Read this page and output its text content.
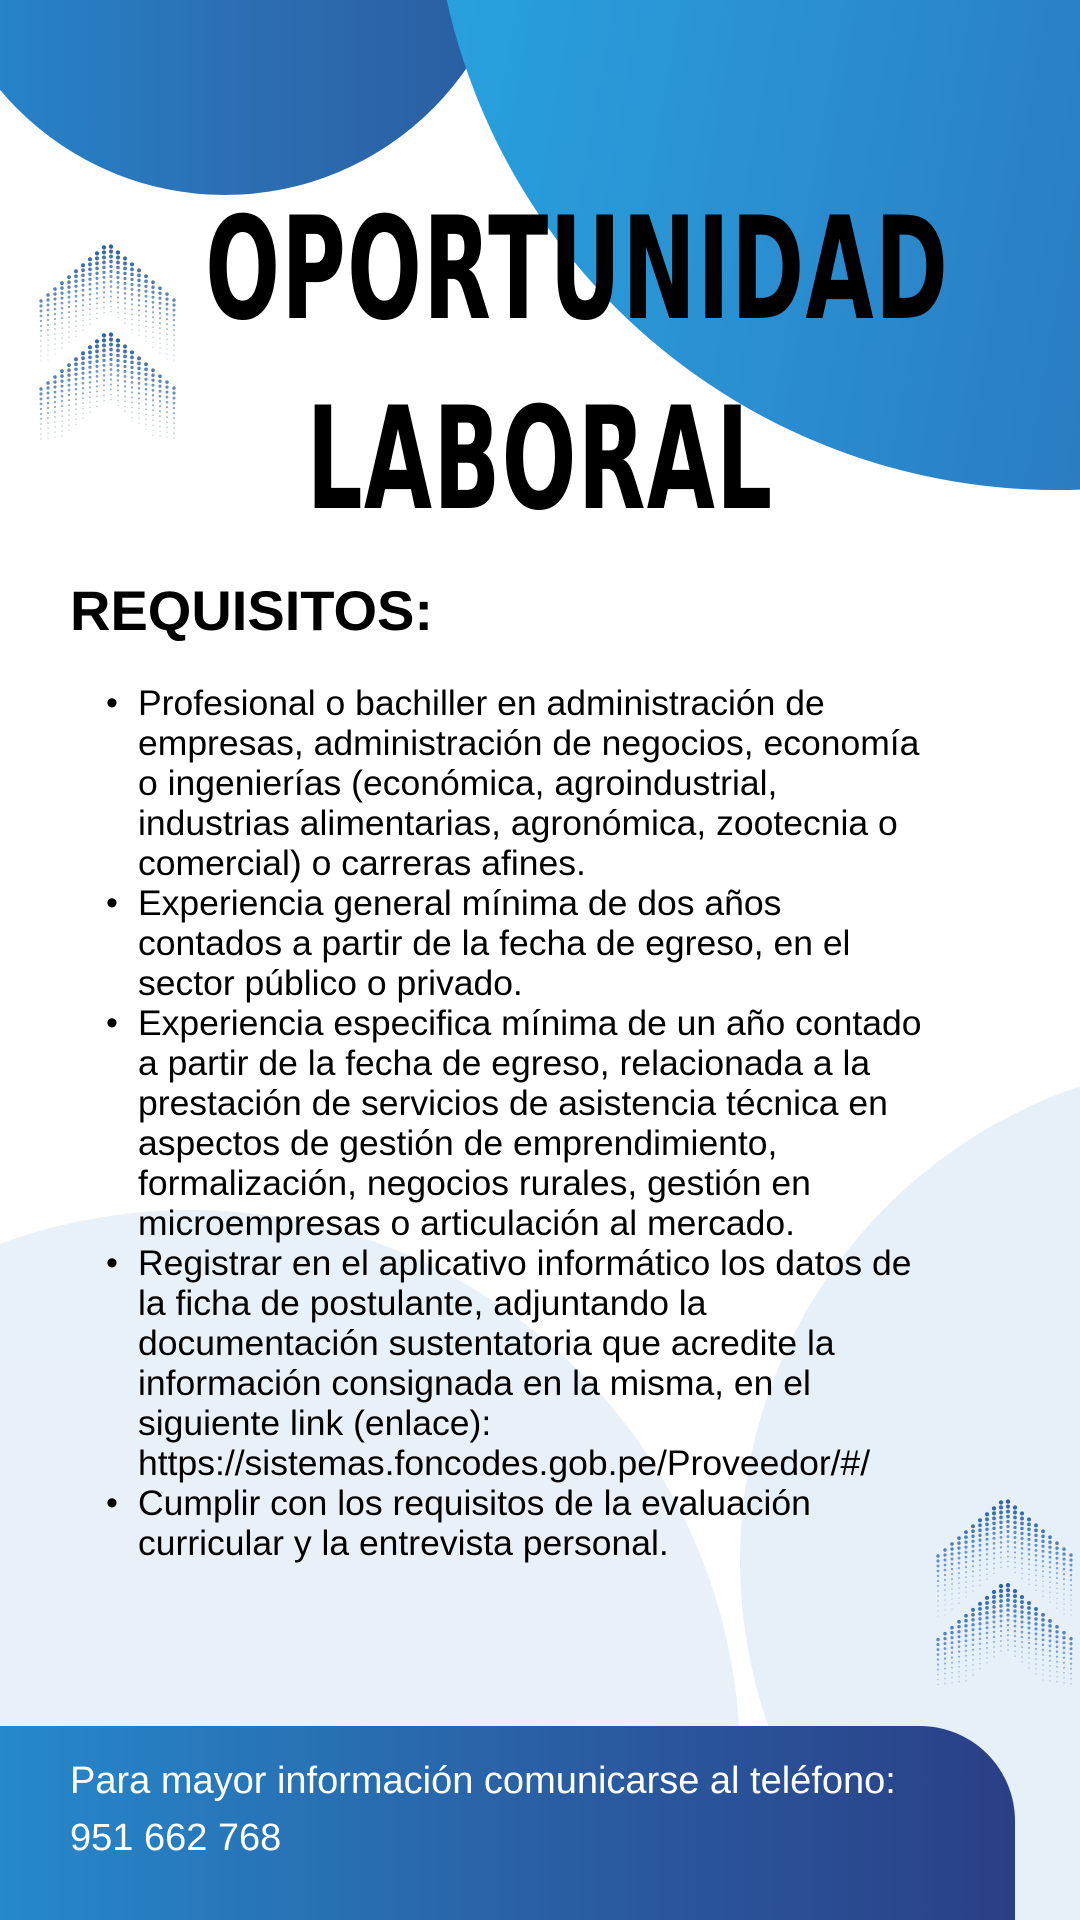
OPORTUNIDAD
LABORAL
REQUISITOS:
• Profesional o bachiller en administración de
empresas, administración de negocios, economía
o ingenierías (económica, agroindustrial,
industrias alimentarias, agronómica, zootecnia o
comercial) o carreras afines.
• Experiencia general mínima de dos años
contados a partir de la fecha de egreso, en el
sector público o privado.
• Experiencia especifica mínima de un año contado
a partir de la fecha de egreso, relacionada a la
prestación de servicios de asistencia técnica en
aspectos de gestión de emprendimiento,
formalización, negocios rurales, gestión en
microempresas o articulación al mercado.
• Registrar en el aplicativo informático los datos de
la ficha de postulante, adjuntando la
documentación sustentatoria que acredite la
información consignada en la misma, en el
siguiente link (enlace):
https://sistemas.foncodes.gob.pe/Proveedor/#/
• Cumplir con los requisitos de la evaluación
curricular y la entrevista personal.

Para mayor información comunicarse al teléfono:
951 662 768
